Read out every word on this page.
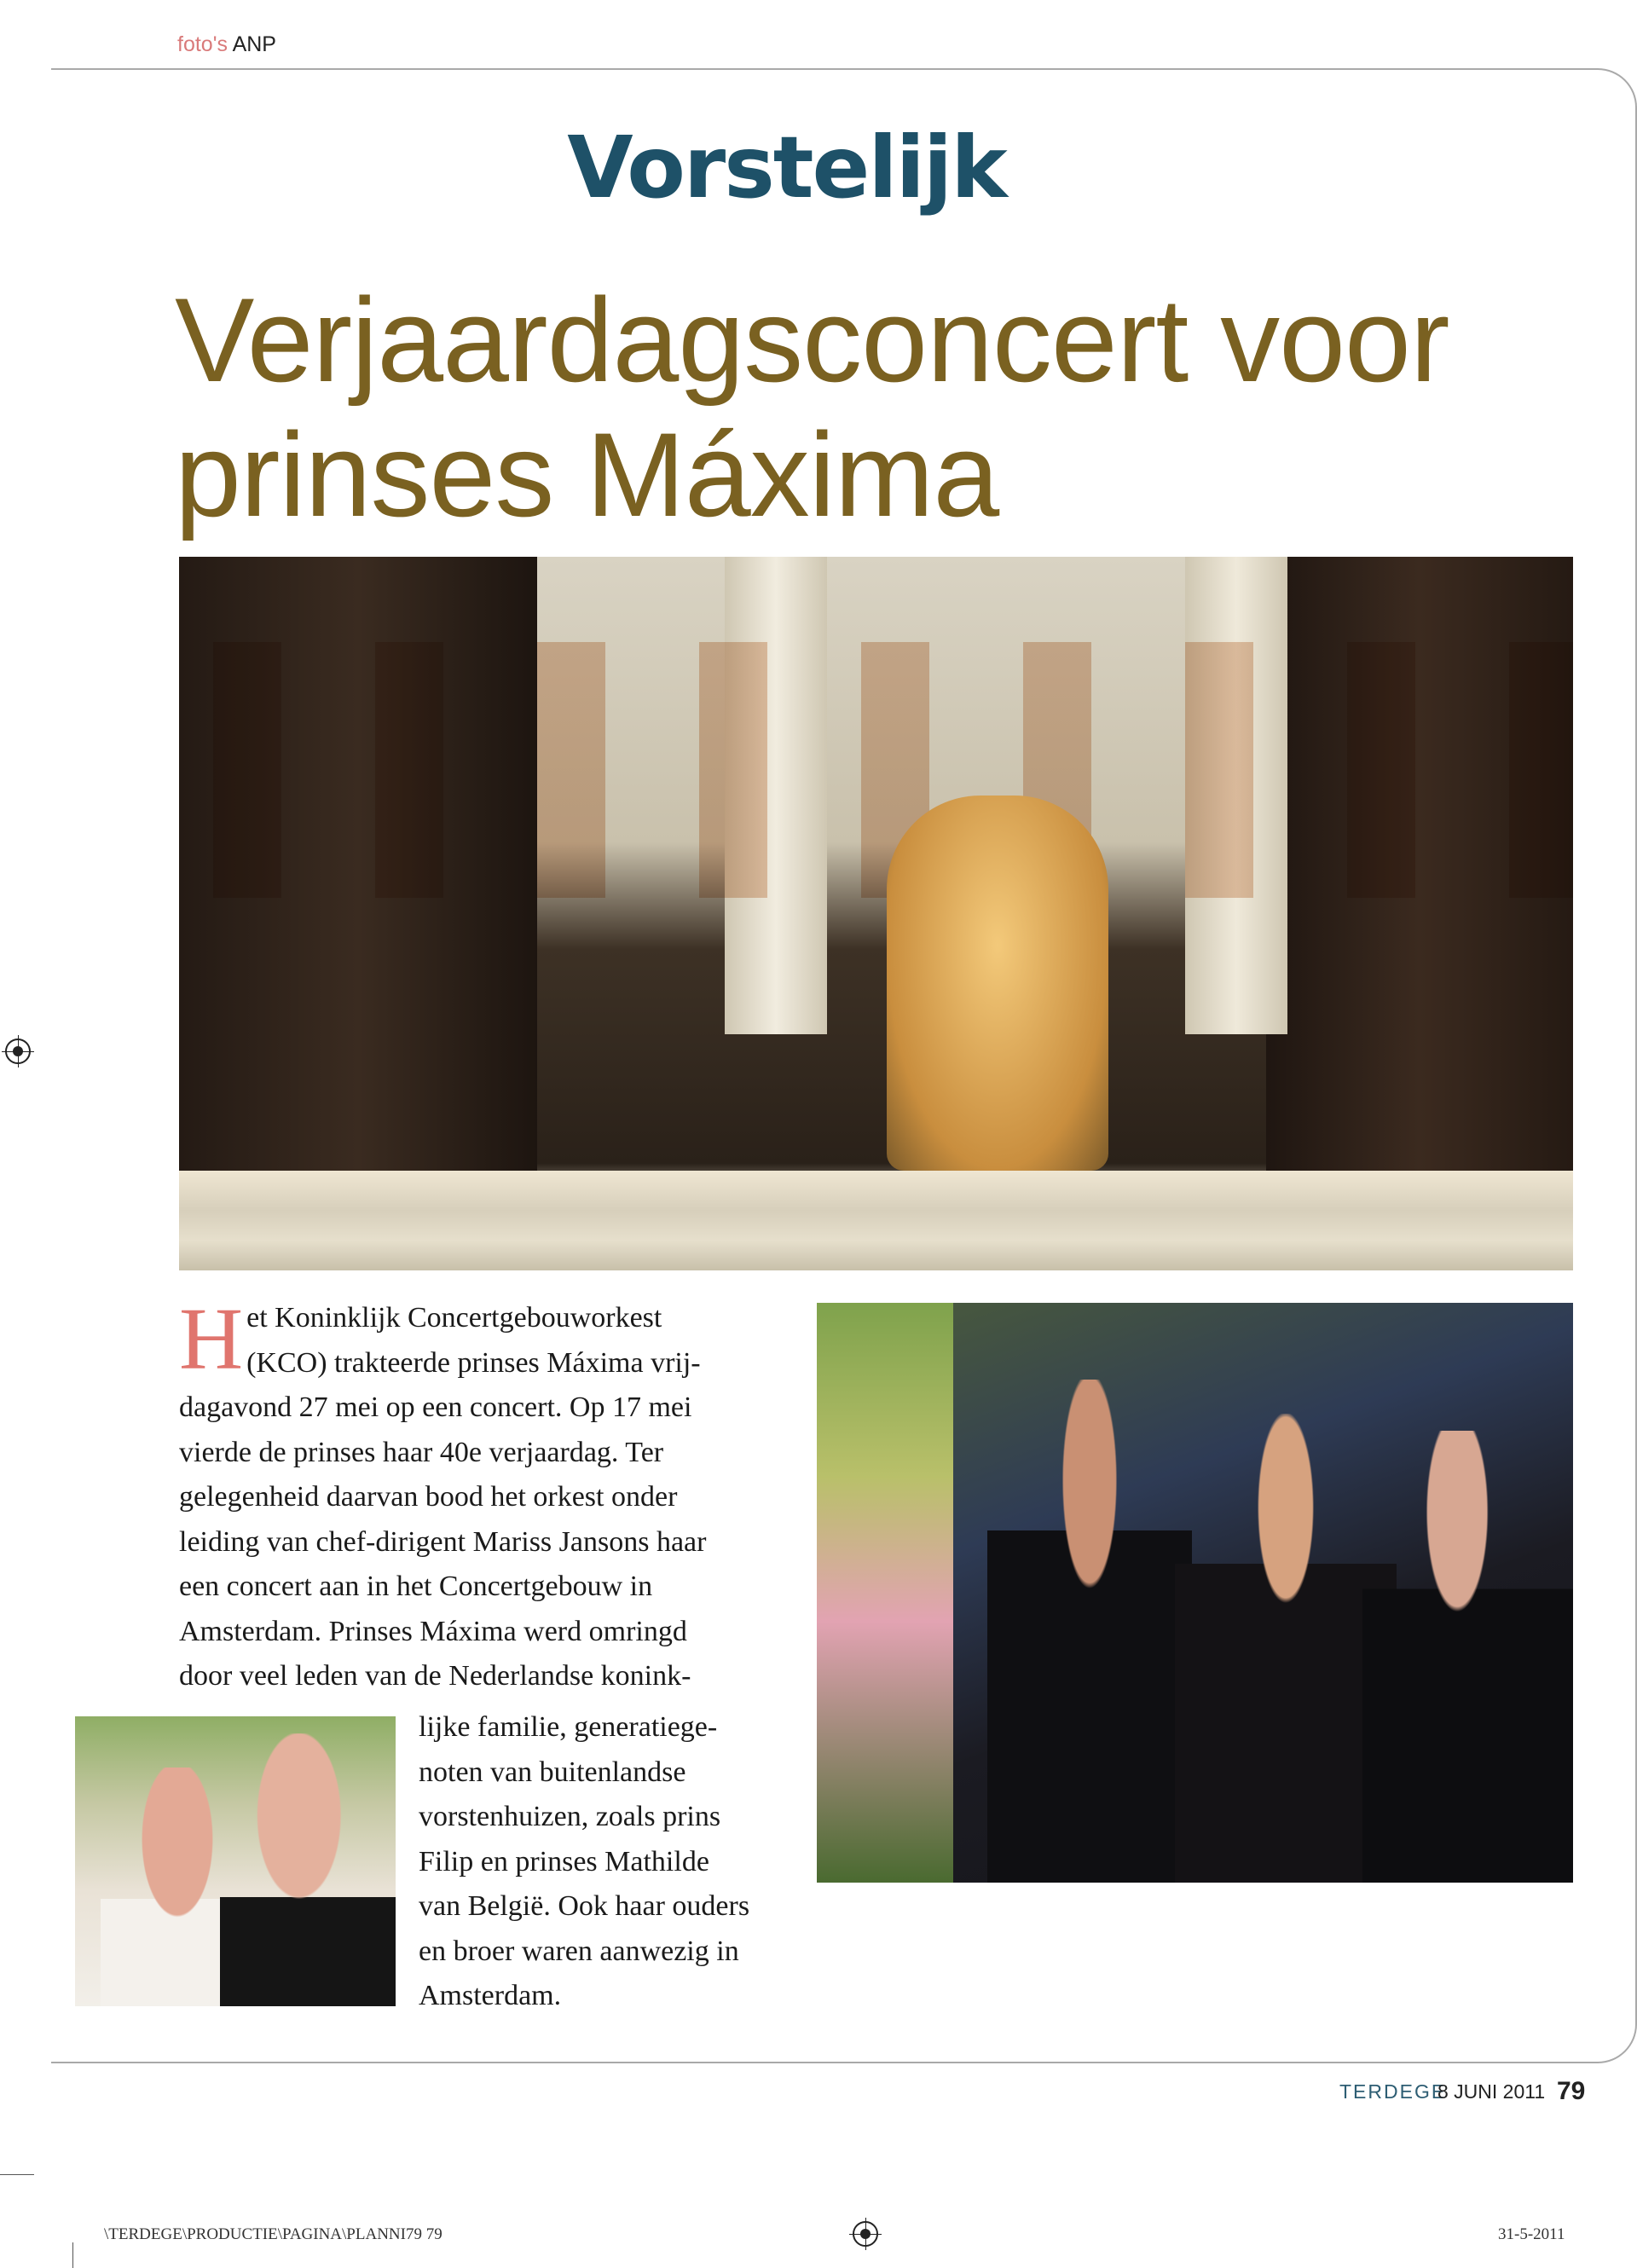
foto's ANP
Vorstelijk
Verjaardagsconcert voor
prinses Máxima
H et Koninklijk Concertgebouworkest
(KCO) trakteerde prinses Máxima vrij-
dagavond 27 mei op een concert. Op 17 mei
vierde de prinses haar 40e verjaardag. Ter
gelegenheid daarvan bood het orkest onder
leiding van chef-dirigent Mariss Jansons haar
een concert aan in het Concertgebouw in
Amsterdam. Prinses Máxima werd omringd
door veel leden van de Nederlandse konink-
lijke familie, generatiege-
noten van buitenlandse
vorstenhuizen, zoals prins
Filip en prinses Mathilde
van België. Ook haar ouders
en broer waren aanwezig in
Amsterdam.
TERDEGE
8 JUNI 2011 79
\TERDEGE\PRODUCTIE\PAGINA\PLANNI79 79	31-5-2011
